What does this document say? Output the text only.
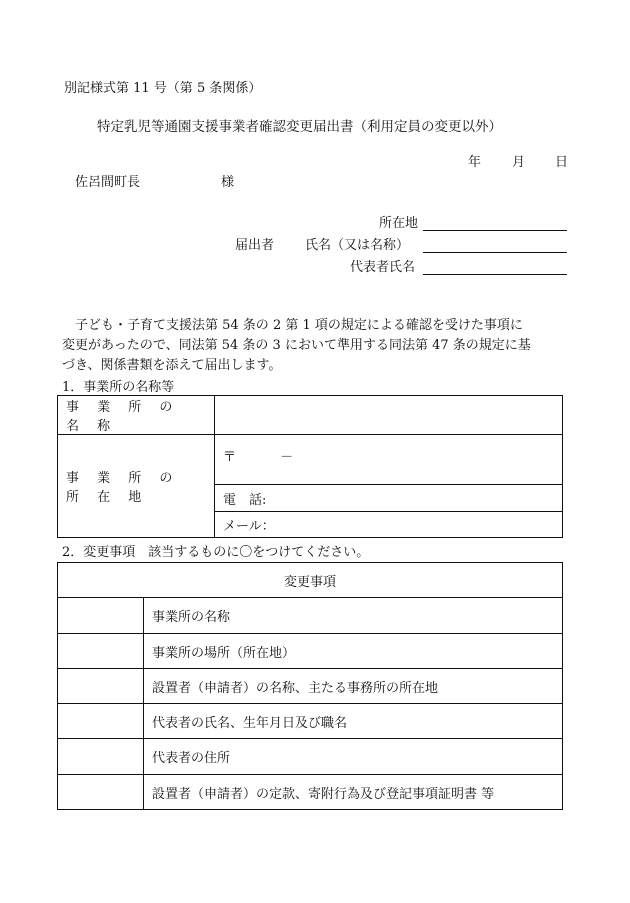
別記様式第 11 号（第 5 条関係）
特定乳児等通園支援事業者確認変更届出書（利用定員の変更以外）
年 月 日
佐呂間町長	様
所在地
届出者 氏名（又は名称）
代表者氏名
子ども・子育て支援法第 54 条の 2 第 1 項の規定による確認を受けた事項に
変更があったので、同法第 54 条の 3 において準用する同法第 47 条の規定に基
づき、関係書類を添えて届出します。
1．事業所の名称等
事 業 所 の 名 称	
事 業 所 の 所 在 地	〒 －
	電　話:
	メール：
2．変更事項　該当するものに〇をつけてください。
変更事項	
	事業所の名称
	事業所の場所（所在地）
	設置者（申請者）の名称、主たる事務所の所在地
	代表者の氏名、生年月日及び職名
	代表者の住所
	設置者（申請者）の定款、寄附行為及び登記事項証明書 等
